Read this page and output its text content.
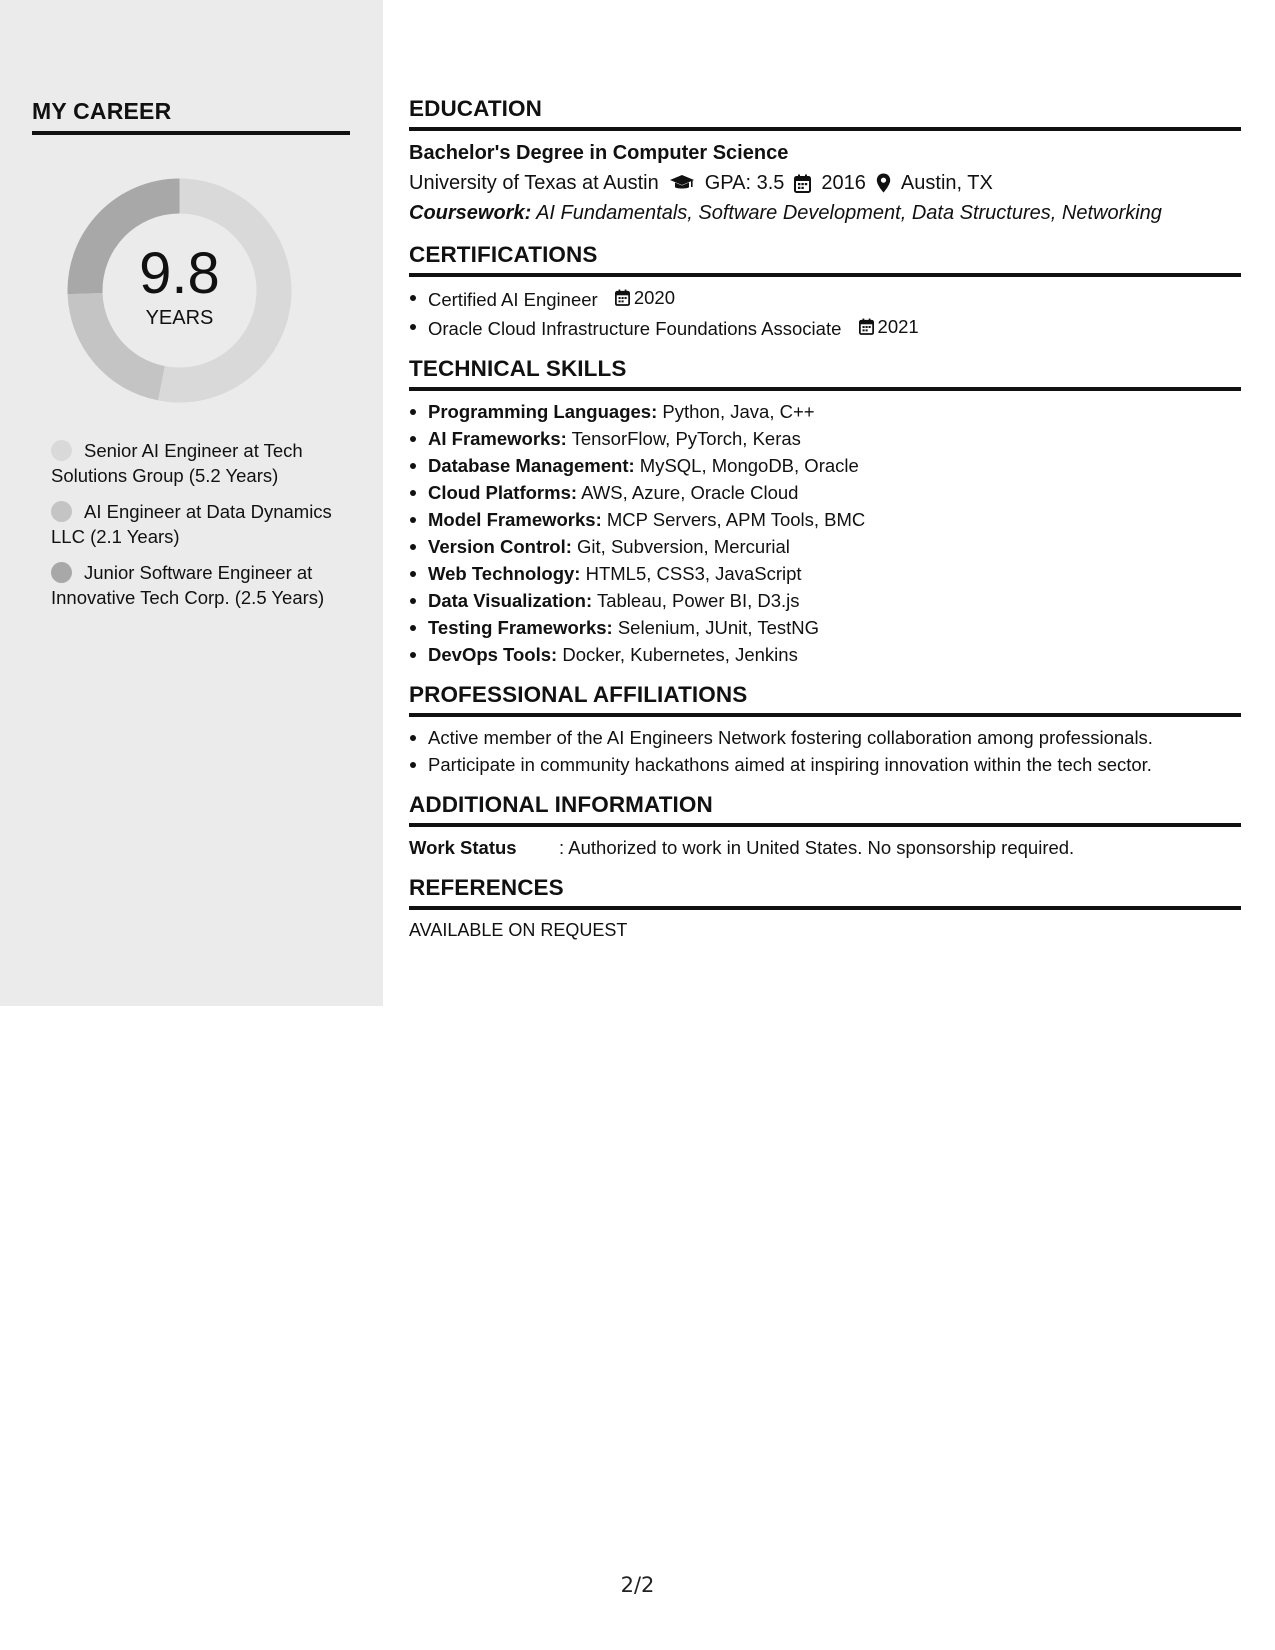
MY CAREER
9.8
YEARS
Senior AI Engineer at Tech Solutions Group (5.2 Years)
AI Engineer at Data Dynamics LLC (2.1 Years)
Junior Software Engineer at Innovative Tech Corp. (2.5 Years)
EDUCATION
Bachelor's Degree in Computer Science
University of Texas at Austin GPA: 3.5 2016 Austin, TX
Coursework: AI Fundamentals, Software Development, Data Structures, Networking
CERTIFICATIONS
Certified AI Engineer 2020
Oracle Cloud Infrastructure Foundations Associate 2021
TECHNICAL SKILLS
Programming Languages: Python, Java, C++
AI Frameworks: TensorFlow, PyTorch, Keras
Database Management: MySQL, MongoDB, Oracle
Cloud Platforms: AWS, Azure, Oracle Cloud
Model Frameworks: MCP Servers, APM Tools, BMC
Version Control: Git, Subversion, Mercurial
Web Technology: HTML5, CSS3, JavaScript
Data Visualization: Tableau, Power BI, D3.js
Testing Frameworks: Selenium, JUnit, TestNG
DevOps Tools: Docker, Kubernetes, Jenkins
PROFESSIONAL AFFILIATIONS
Active member of the AI Engineers Network fostering collaboration among professionals.
Participate in community hackathons aimed at inspiring innovation within the tech sector.
ADDITIONAL INFORMATION
Work Status	: Authorized to work in United States. No sponsorship required.
REFERENCES
AVAILABLE ON REQUEST
2/2
